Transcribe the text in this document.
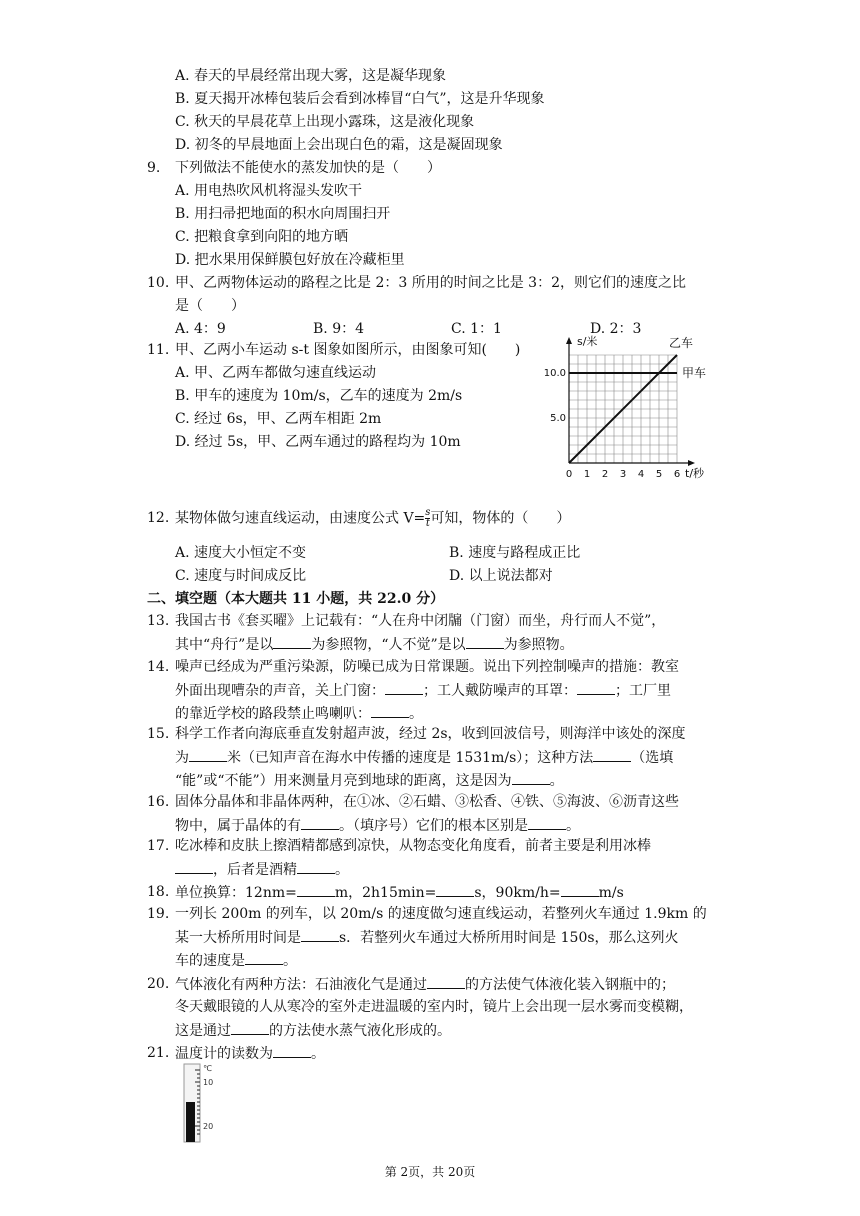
A. 春天的早晨经常出现大雾，这是凝华现象
B. 夏天揭开冰棒包装后会看到冰棒冒“白气”，这是升华现象
C. 秋天的早晨花草上出现小露珠，这是液化现象
D. 初冬的早晨地面上会出现白色的霜，这是凝固现象
9. 下列做法不能使水的蒸发加快的是（　　）
A. 用电热吹风机将湿头发吹干
B. 用扫帚把地面的积水向周围扫开
C. 把粮食拿到向阳的地方晒
D. 把水果用保鲜膜包好放在冷藏柜里
10. 甲、乙两物体运动的路程之比是 2：3 所用的时间之比是 3：2，则它们的速度之比
是（　　）
A. 4：9	B. 9：4	C. 1：1	D. 2：3
11. 甲、乙两小车运动 s-t 图象如图所示，由图象可知(　　)
A. 甲、乙两车都做匀速直线运动
B. 甲车的速度为 10m/s，乙车的速度为 2m/s
C. 经过 6s，甲、乙两车相距 2m
D. 经过 5s，甲、乙两车通过的路程均为 10m
0 1 2 3 4 5 6
5.0
10.0
s/米
t/秒
甲车
乙车
12. 某物体做匀速直线运动，由速度公式 $V= \frac{s}{t}$ 可知，物体的（　　）
A. 速度大小恒定不变	B. 速度与路程成正比
C. 速度与时间成反比	D. 以上说法都对
二、填空题（本大题共 11 小题，共 22.0 分）
13. 我国古书《套买曜》上记载有：“人在舟中闭牖（门窗）而坐，舟行而人不觉”，
其中“舟行”是以	为参照物，“人不觉”是以	为参照物。
14. 噪声已经成为严重污染源，防噪已成为日常课题。说出下列控制噪声的措施：教室
外面出现嘈杂的声音，关上门窗：	；工人戴防噪声的耳罩：	；工厂里
的靠近学校的路段禁止鸣喇叭：	。
15. 科学工作者向海底垂直发射超声波，经过 2s，收到回波信号，则海洋中该处的深度
为	米（已知声音在海水中传播的速度是 1531m/s）；这种方法	（选填
“能”或“不能”）用来测量月亮到地球的距离，这是因为	。
16. 固体分晶体和非晶体两种，在①冰、②石蜡、③松香、④铁、⑤海波、⑥沥青这些
物中，属于晶体的有	。（填序号）它们的根本区别是	。
17. 吃冰棒和皮肤上擦酒精都感到凉快，从物态变化角度看，前者主要是利用冰棒
，后者是酒精	。
18. 单位换算：12nm=	m，2h15min=	s，90km/h=	m/s
19. 一列长 200m 的列车，以 20m/s 的速度做匀速直线运动，若整列火车通过 1.9km 的
某一大桥所用时间是	s．若整列火车通过大桥所用时间是 150s，那么这列火
车的速度是	。
20. 气体液化有两种方法：石油液化气是通过	的方法使气体液化装入钢瓶中的；
冬天戴眼镜的人从寒冷的室外走进温暖的室内时，镜片上会出现一层水雾而变模糊，
这是通过	的方法使水蒸气液化形成的。
21. 温度计的读数为	。
℃
10
20
第 2页，共 20页
